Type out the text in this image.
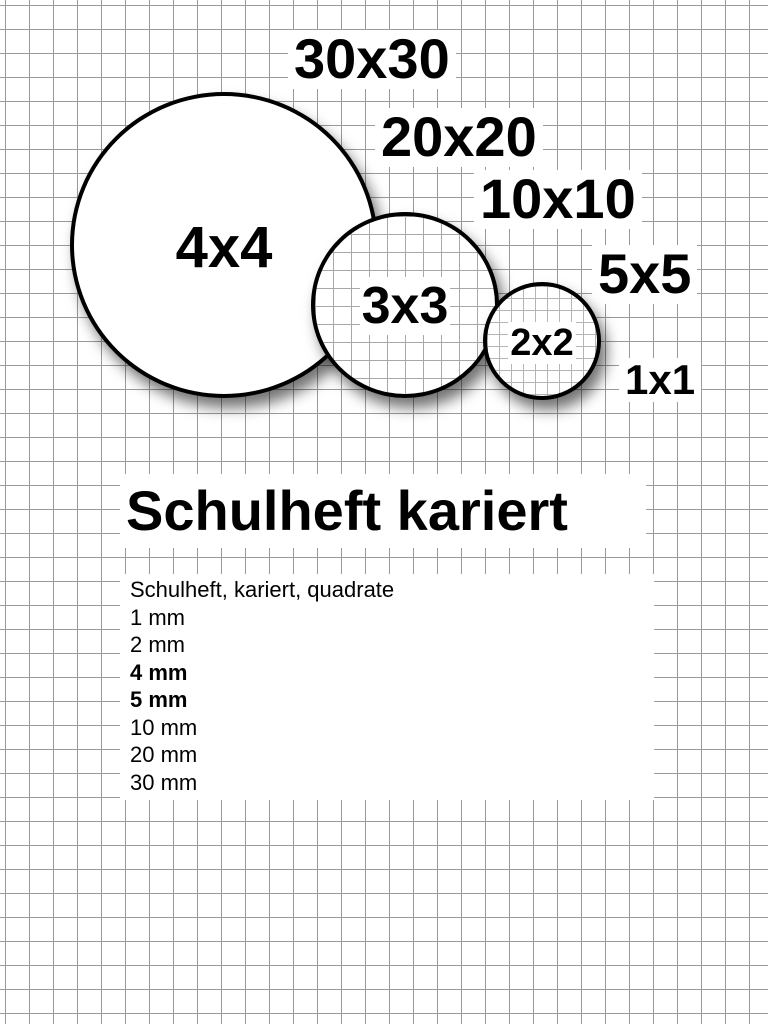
4x4
3x3
2x2
30x30
20x20
10x10
5x5
1x1
Schulheft kariert
Schulheft, kariert, quadrate
1 mm
2 mm
4 mm
5 mm
10 mm
20 mm
30 mm
